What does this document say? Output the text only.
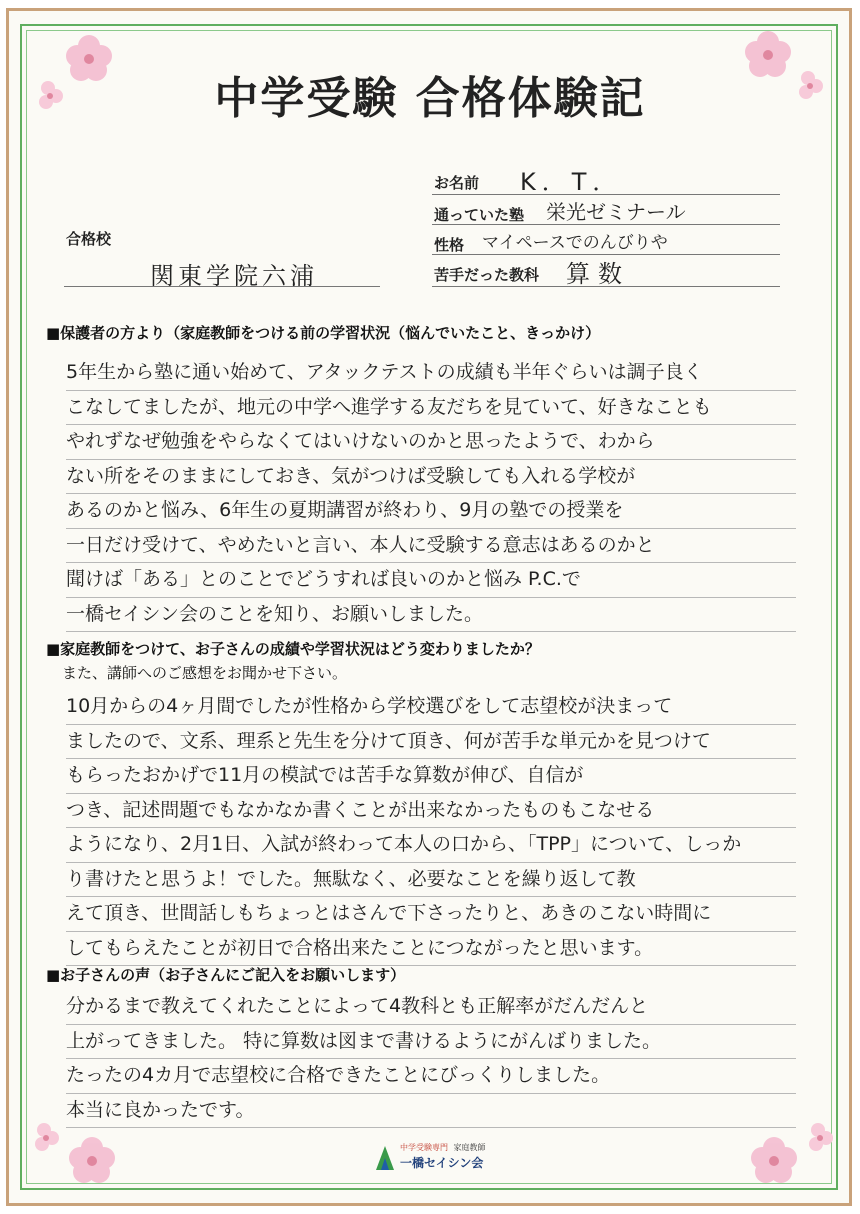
中学受験 合格体験記
合格校
関東学院六浦
お名前 K．T．
通っていた塾 栄光ゼミナール
性格 マイペースでのんびりや
苦手だった教科 算数
■保護者の方より（家庭教師をつける前の学習状況（悩んでいたこと、きっかけ）
5年生から塾に通い始めて、アタックテストの成績も半年ぐらいは調子良く
こなしてましたが、地元の中学へ進学する友だちを見ていて、好きなことも
やれずなぜ勉強をやらなくてはいけないのかと思ったようで、わから
ない所をそのままにしておき、気がつけば受験しても入れる学校が
あるのかと悩み、6年生の夏期講習が終わり、9月の塾での授業を
一日だけ受けて、やめたいと言い、本人に受験する意志はあるのかと
聞けば「ある」とのことでどうすれば良いのかと悩み P.C.で
一橋セイシン会のことを知り、お願いしました。
■家庭教師をつけて、お子さんの成績や学習状況はどう変わりましたか？
また、講師へのご感想をお聞かせ下さい。
10月からの4ヶ月間でしたが性格から学校選びをして志望校が決まって
ましたので、文系、理系と先生を分けて頂き、何が苦手な単元かを見つけて
もらったおかげで11月の模試では苦手な算数が伸び、自信が
つき、記述問題でもなかなか書くことが出来なかったものもこなせる
ようになり、2月1日、入試が終わって本人の口から、「TPP」について、しっか
り書けたと思うよ！でした。無駄なく、必要なことを繰り返して教
えて頂き、世間話しもちょっとはさんで下さったりと、あきのこない時間に
してもらえたことが初日で合格出来たことにつながったと思います。
■お子さんの声（お子さんにご記入をお願いします）
分かるまで教えてくれたことによって4教科とも正解率がだんだんと
上がってきました。 特に算数は図まで書けるようにがんばりました。
たったの4カ月で志望校に合格できたことにびっくりしました。
本当に良かったです。
中学受験専門 家庭教師
一橋セイシン会
